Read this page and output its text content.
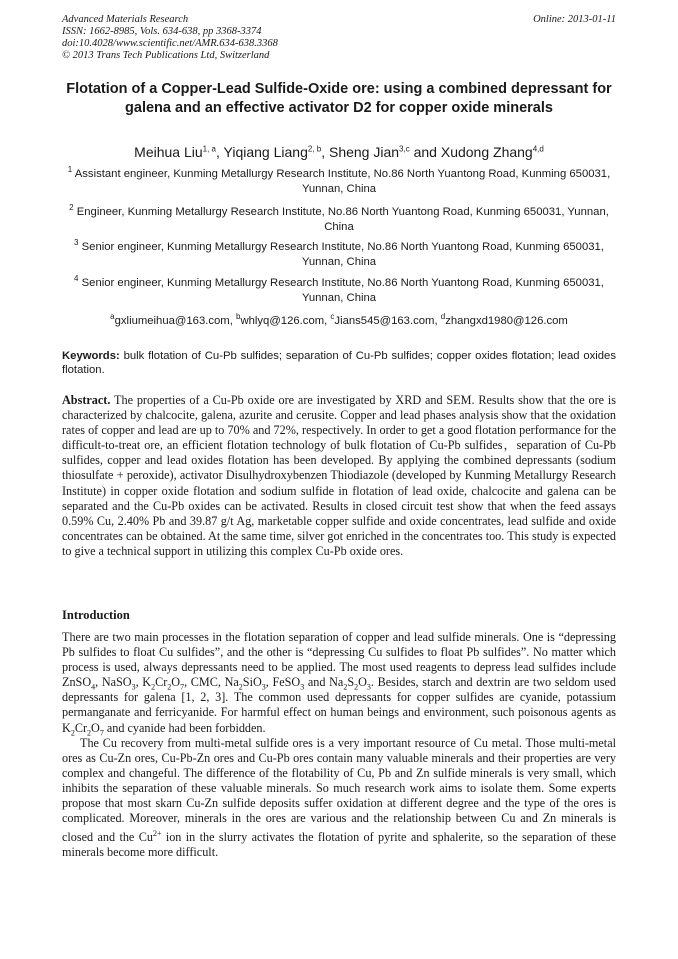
Advanced Materials Research
ISSN: 1662-8985, Vols. 634-638, pp 3368-3374
doi:10.4028/www.scientific.net/AMR.634-638.3368
© 2013 Trans Tech Publications Ltd, Switzerland
Online: 2013-01-11
Flotation of a Copper-Lead Sulfide-Oxide ore: using a combined depressant for galena and an effective activator D2 for copper oxide minerals
Meihua Liu$^{1, a}$, Yiqiang Liang$^{2, b}$, Sheng Jian$^{3,c}$ and Xudong Zhang$^{4,d}$
$^1$ Assistant engineer, Kunming Metallurgy Research Institute, No.86 North Yuantong Road, Kunming 650031, Yunnan, China
$^2$ Engineer, Kunming Metallurgy Research Institute, No.86 North Yuantong Road, Kunming 650031, Yunnan, China
$^3$ Senior engineer, Kunming Metallurgy Research Institute, No.86 North Yuantong Road, Kunming 650031, Yunnan, China
$^4$ Senior engineer, Kunming Metallurgy Research Institute, No.86 North Yuantong Road, Kunming 650031, Yunnan, China
$^a$gxliumeihua@163.com, $^b$whlyq@126.com, $^c$Jians545@163.com, $^d$zhangxd1980@126.com
Keywords: bulk flotation of Cu-Pb sulfides; separation of Cu-Pb sulfides; copper oxides flotation; lead oxides flotation.
Abstract. The properties of a Cu-Pb oxide ore are investigated by XRD and SEM. Results show that the ore is characterized by chalcocite, galena, azurite and cerusite. Copper and lead phases analysis show that the oxidation rates of copper and lead are up to 70% and 72%, respectively. In order to get a good flotation performance for the difficult-to-treat ore, an efficient flotation technology of bulk flotation of Cu-Pb sulfides，separation of Cu-Pb sulfides, copper and lead oxides flotation has been developed. By applying the combined depressants (sodium thiosulfate + peroxide), activator Disulhydroxybenzen Thiodiazole (developed by Kunming Metallurgy Research Institute) in copper oxide flotation and sodium sulfide in flotation of lead oxide, chalcocite and galena can be separated and the Cu-Pb oxides can be activated. Results in closed circuit test show that when the feed assays 0.59% Cu, 2.40% Pb and 39.87 g/t Ag, marketable copper sulfide and oxide concentrates, lead sulfide and oxide concentrates can be obtained. At the same time, silver got enriched in the concentrates too. This study is expected to give a technical support in utilizing this complex Cu-Pb oxide ores.
Introduction

There are two main processes in the flotation separation of copper and lead sulfide minerals. One is “depressing Pb sulfides to float Cu sulfides”, and the other is “depressing Cu sulfides to float Pb sulfides”. No matter which process is used, always depressants need to be applied. The most used reagents to depress lead sulfides include ZnSO$_4$, NaSO$_3$, $K_2Cr_2O_7$, CMC, $Na_2SiO_3$, FeSO$_3$ and $Na_2S_2O_3$. Besides, starch and dextrin are two seldom used depressants for galena [1, 2, 3]. The common used depressants for copper sulfides are cyanide, potassium permanganate and ferricyanide. For harmful effect on human beings and environment, such poisonous agents as $K_2Cr_2O_7$ and cyanide had been forbidden.

The Cu recovery from multi-metal sulfide ores is a very important resource of Cu metal. Those multi-metal ores as Cu-Zn ores, Cu-Pb-Zn ores and Cu-Pb ores contain many valuable minerals and their properties are very complex and changeful. The difference of the flotability of Cu, Pb and Zn sulfide minerals is very small, which inhibits the separation of these valuable minerals. So much research work aims to isolate them. Some experts propose that most skarn Cu-Zn sulfide deposits suffer oxidation at different degree and the type of the ores is complicated. Moreover, minerals in the ores are various and the relationship between Cu and Zn minerals is closed and the $Cu^{2+}$ ion in the slurry activates the flotation of pyrite and sphalerite, so the separation of these minerals become more difficult.
